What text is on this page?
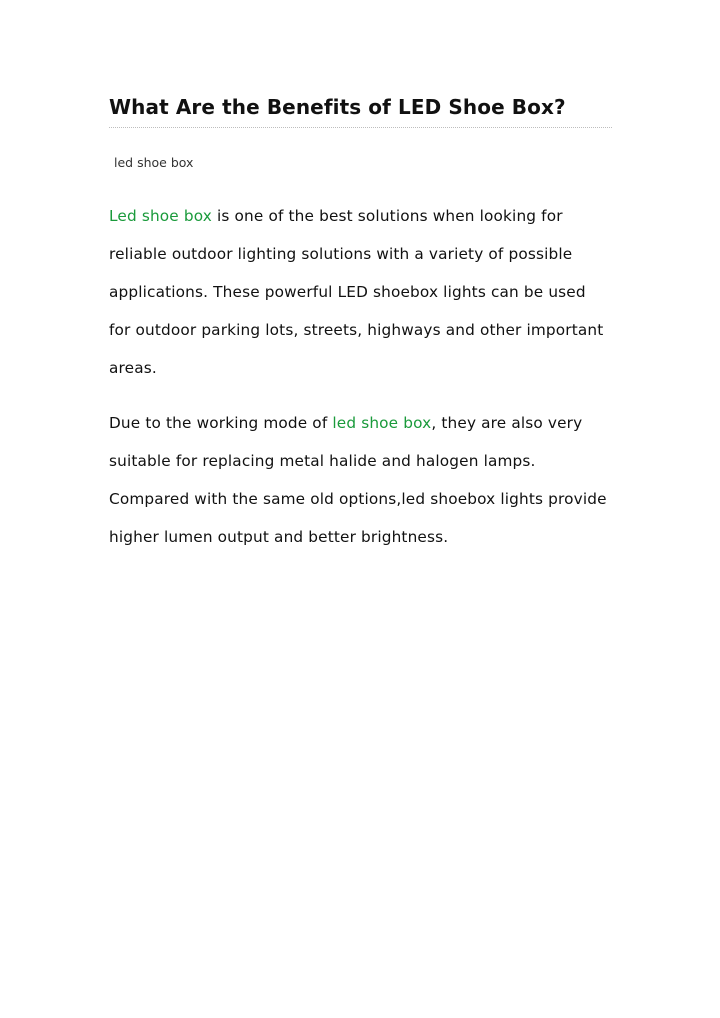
What Are the Benefits of LED Shoe Box?
led shoe box

Led shoe box is one of the best solutions when looking for reliable outdoor lighting solutions with a variety of possible applications. These powerful LED shoebox lights can be used for outdoor parking lots, streets, highways and other important areas.

Due to the working mode of led shoe box, they are also very suitable for replacing metal halide and halogen lamps. Compared with the same old options,led shoebox lights provide higher lumen output and better brightness.
